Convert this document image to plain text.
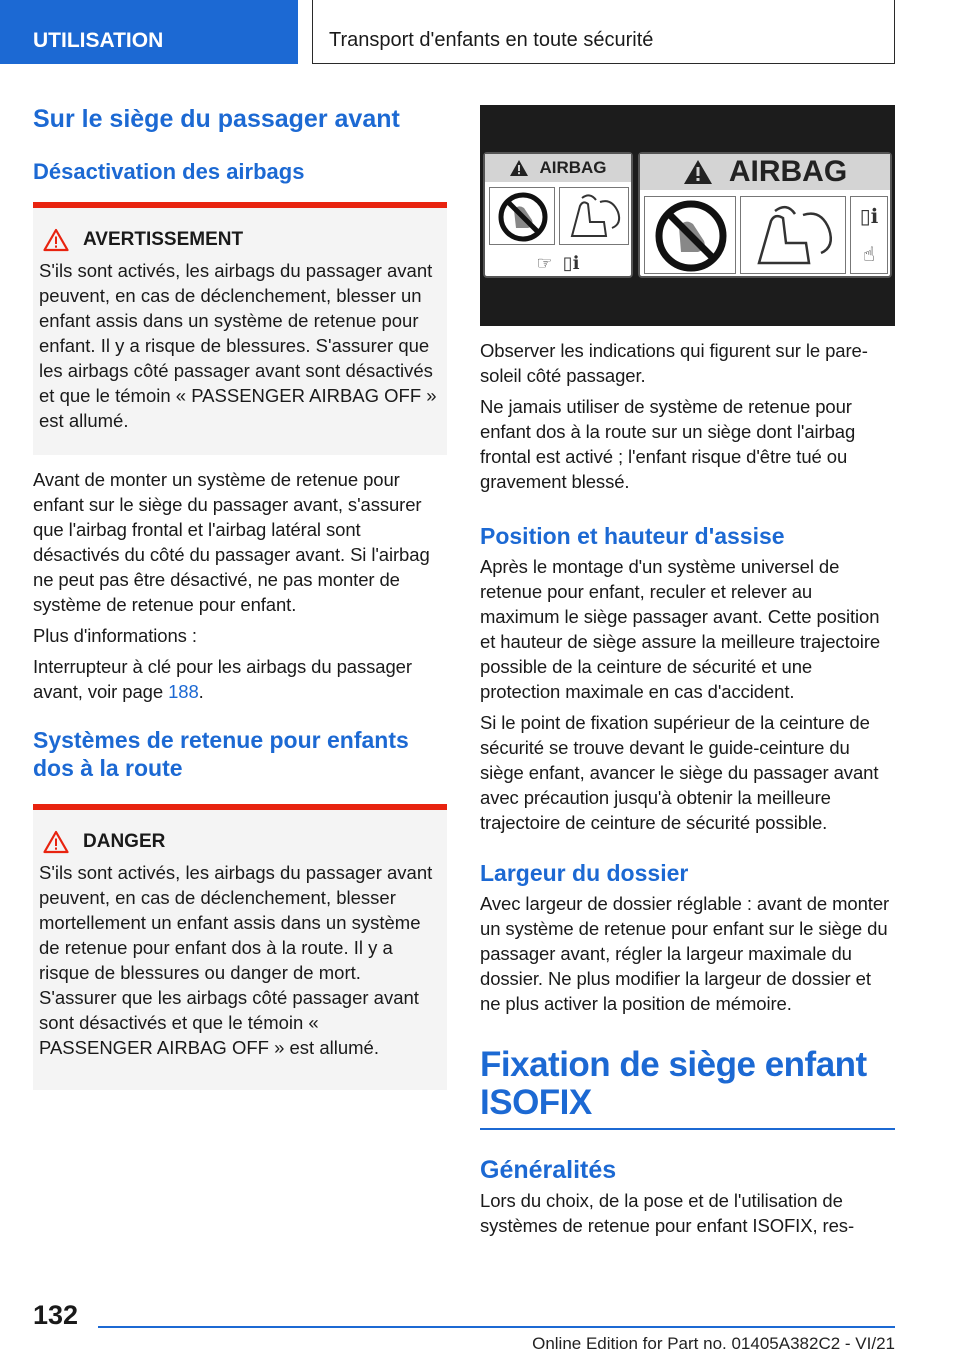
UTILISATION	Transport d'enfants en toute sécurité
Sur le siège du passager avant
Désactivation des airbags
AVERTISSEMENT

S'ils sont activés, les airbags du passager avant peuvent, en cas de déclenchement, blesser un enfant assis dans un système de retenue pour enfant. Il y a risque de blessures. S'assurer que les airbags côté passager avant sont désactivés et que le témoin « PASSENGER AIRBAG OFF » est allumé.

Avant de monter un système de retenue pour enfant sur le siège du passager avant, s'assurer que l'airbag frontal et l'airbag latéral sont désactivés du côté du passager avant. Si l'airbag ne peut pas être désactivé, ne pas monter de système de retenue pour enfant.

Plus d'informations :

Interrupteur à clé pour les airbags du passager avant, voir page 188.

Systèmes de retenue pour enfants dos à la route
DANGER

S'ils sont activés, les airbags du passager avant peuvent, en cas de déclenchement, blesser mortellement un enfant assis dans un système de retenue pour enfant dos à la route. Il y a risque de blessures ou danger de mort. S'assurer que les airbags côté passager avant sont désactivés et que le témoin « PASSENGER AIRBAG OFF » est allumé.

AIRBAG
☞ ▯ℹ
AIRBAG
▯ℹ
☝

Observer les indications qui figurent sur le pare-soleil côté passager.

Ne jamais utiliser de système de retenue pour enfant dos à la route sur un siège dont l'airbag frontal est activé ; l'enfant risque d'être tué ou gravement blessé.

Position et hauteur d'assise

Après le montage d'un système universel de retenue pour enfant, reculer et relever au maximum le siège passager avant. Cette position et hauteur de siège assure la meilleure trajectoire possible de la ceinture de sécurité et une protection maximale en cas d'accident.

Si le point de fixation supérieur de la ceinture de sécurité se trouve devant le guide-ceinture du siège enfant, avancer le siège du passager avant avec précaution jusqu'à obtenir la meilleure trajectoire de ceinture de sécurité possible.

Largeur du dossier

Avec largeur de dossier réglable : avant de monter un système de retenue pour enfant sur le siège du passager avant, régler la largeur maximale du dossier. Ne plus modifier la largeur de dossier et ne plus activer la position de mémoire.

Fixation de siège enfant ISOFIX
Généralités

Lors du choix, de la pose et de l'utilisation de systèmes de retenue pour enfant ISOFIX, res-

132
Online Edition for Part no. 01405A382C2 - VI/21
